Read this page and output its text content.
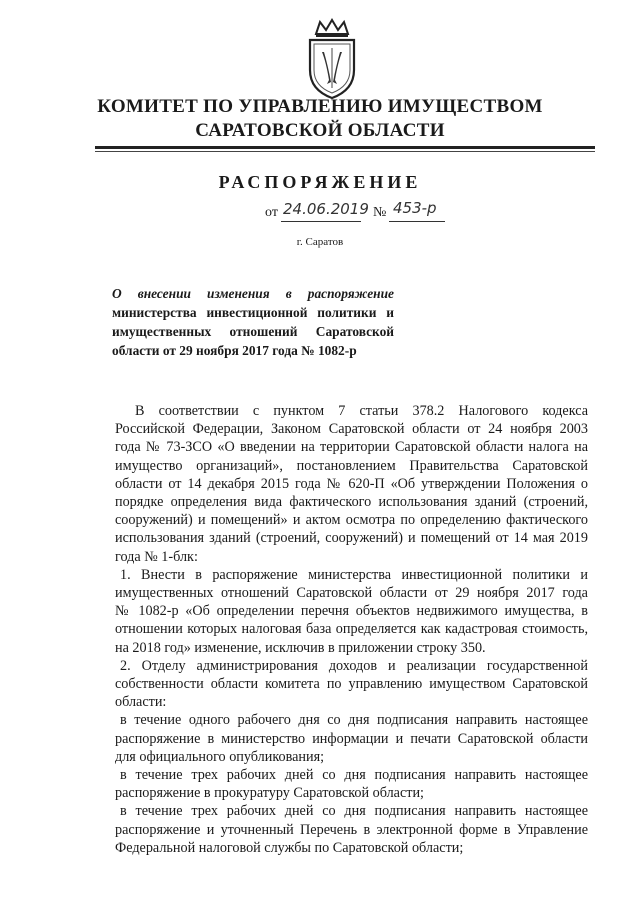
КОМИТЕТ ПО УПРАВЛЕНИЮ ИМУЩЕСТВОМ
САРАТОВСКОЙ ОБЛАСТИ
РАСПОРЯЖЕНИЕ
от 24.06.2019 № 453-р
г. Саратов
О внесении изменения в распоряжение
министерства инвестиционной политики и
имущественных отношений Саратовской
области от 29 ноября 2017 года № 1082-р
В соответствии с пунктом 7 статьи 378.2 Налогового кодекса
Российской Федерации, Законом Саратовской области от 24 ноября 2003
года № 73-ЗСО «О введении на территории Саратовской области налога на
имущество организаций», постановлением Правительства Саратовской
области от 14 декабря 2015 года № 620-П «Об утверждении Положения о
порядке определения вида фактического использования зданий (строений,
сооружений) и помещений» и актом осмотра по определению фактического
использования зданий (строений, сооружений) и помещений от 14 мая 2019
года № 1-блк:
1. Внести в распоряжение министерства инвестиционной политики и
имущественных отношений Саратовской области от 29 ноября 2017 года
№ 1082-р «Об определении перечня объектов недвижимого имущества, в
отношении которых налоговая база определяется как кадастровая стоимость,
на 2018 год» изменение, исключив в приложении строку 350.
2. Отделу администрирования доходов и реализации государственной
собственности области комитета по управлению имуществом Саратовской
области:
в течение одного рабочего дня со дня подписания направить настоящее
распоряжение в министерство информации и печати Саратовской области
для официального опубликования;
в течение трех рабочих дней со дня подписания направить настоящее
распоряжение в прокуратуру Саратовской области;
в течение трех рабочих дней со дня подписания направить настоящее
распоряжение и уточненный Перечень в электронной форме в Управление
Федеральной налоговой службы по Саратовской области;
